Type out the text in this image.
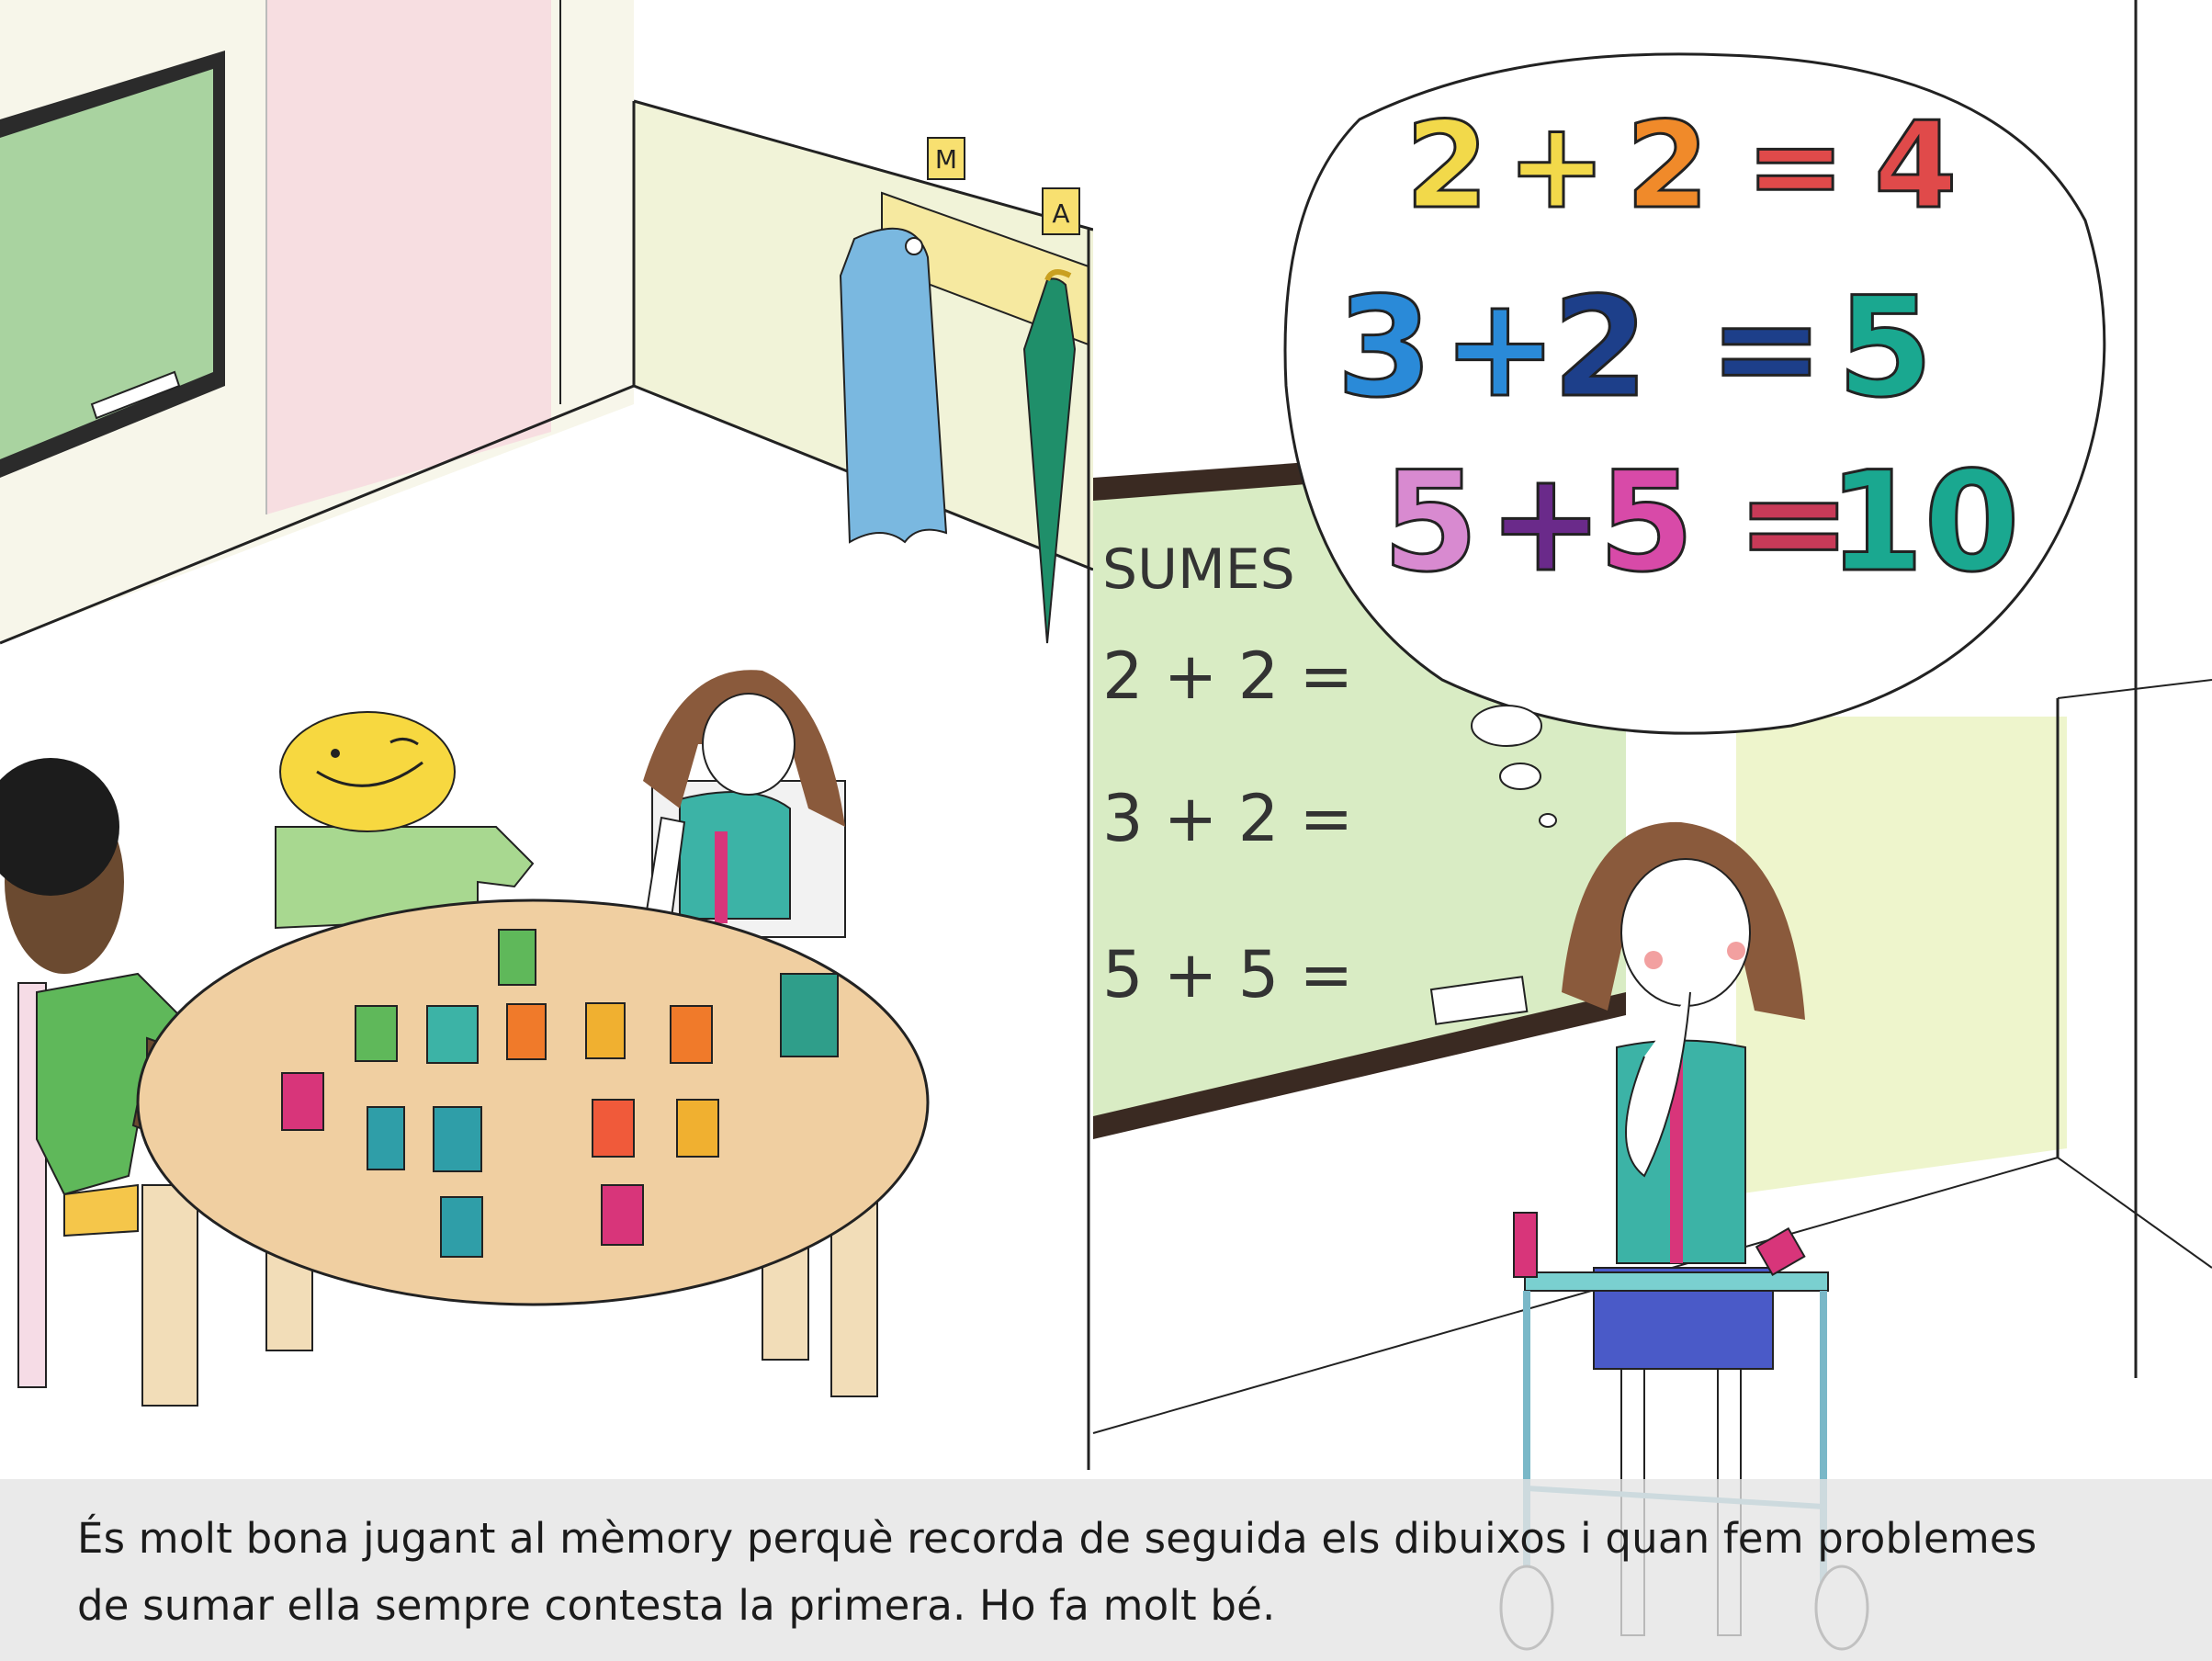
M
A
SUMES
2 + 2 =
3 + 2 =
5 + 5 =
2 + 2 = 4
3 + 2 = 5
5 + 5 = 10

És molt bona jugant al mèmory perquè recorda de seguida els dibuixos i quan fem problemes
de sumar ella sempre contesta la primera. Ho fa molt bé.
